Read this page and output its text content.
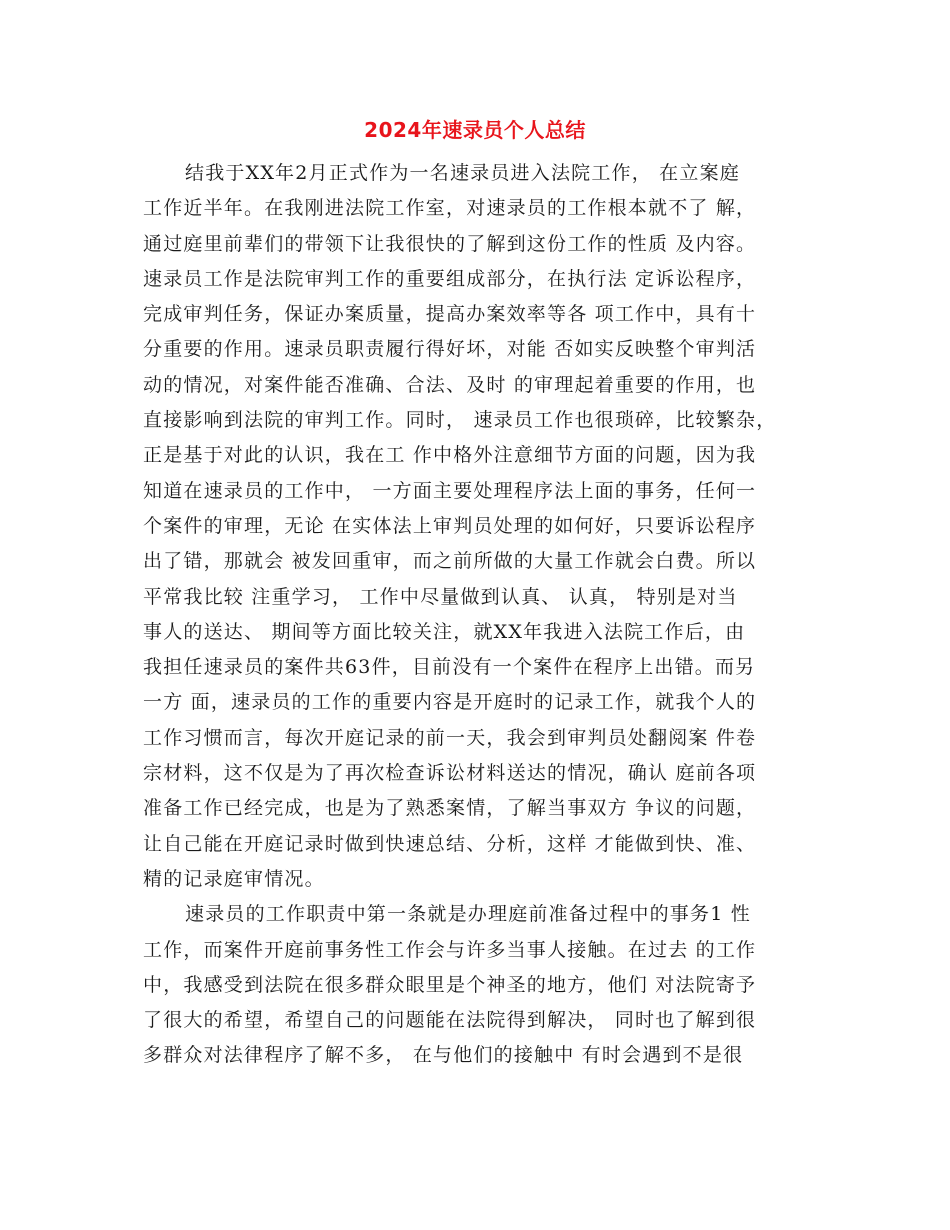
2024年速录员个人总结
结我于XX年2月正式作为一名速录员进入法院工作， 在立案庭
工作近半年。在我刚进法院工作室，对速录员的工作根本就不了 解，
通过庭里前辈们的带领下让我很快的了解到这份工作的性质 及内容。
速录员工作是法院审判工作的重要组成部分，在执行法 定诉讼程序，
完成审判任务，保证办案质量，提高办案效率等各 项工作中，具有十
分重要的作用。速录员职责履行得好坏，对能 否如实反映整个审判活
动的情况，对案件能否准确、合法、及时 的审理起着重要的作用，也
直接影响到法院的审判工作。同时， 速录员工作也很琐碎，比较繁杂，
正是基于对此的认识，我在工 作中格外注意细节方面的问题，因为我
知道在速录员的工作中， 一方面主要处理程序法上面的事务，任何一
个案件的审理，无论 在实体法上审判员处理的如何好，只要诉讼程序
出了错，那就会 被发回重审，而之前所做的大量工作就会白费。所以
平常我比较 注重学习， 工作中尽量做到认真、 认真， 特别是对当
事人的送达、 期间等方面比较关注，就XX年我进入法院工作后，由
我担任速录员的案件共63件，目前没有一个案件在程序上出错。而另
一方 面，速录员的工作的重要内容是开庭时的记录工作，就我个人的
工作习惯而言，每次开庭记录的前一天，我会到审判员处翻阅案 件卷
宗材料，这不仅是为了再次检查诉讼材料送达的情况，确认 庭前各项
准备工作已经完成，也是为了熟悉案情，了解当事双方 争议的问题，
让自己能在开庭记录时做到快速总结、分析，这样 才能做到快、准、
精的记录庭审情况。
速录员的工作职责中第一条就是办理庭前准备过程中的事务1 性
工作，而案件开庭前事务性工作会与许多当事人接触。在过去 的工作
中，我感受到法院在很多群众眼里是个神圣的地方，他们 对法院寄予
了很大的希望，希望自己的问题能在法院得到解决， 同时也了解到很
多群众对法律程序了解不多， 在与他们的接触中 有时会遇到不是很
